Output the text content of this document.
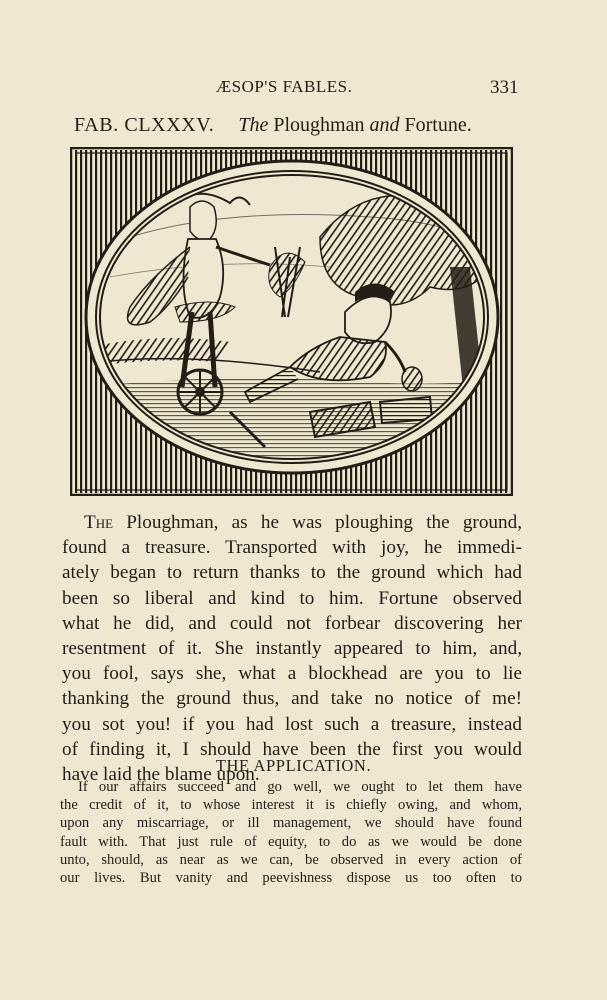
ÆSOP'S FABLES.	331
FAB. CLXXXV. The Ploughman and Fortune.
The Ploughman, as he was ploughing the ground,
found a treasure. Transported with joy, he immedi-
ately began to return thanks to the ground which had
been so liberal and kind to him. Fortune observed
what he did, and could not forbear discovering her
resentment of it. She instantly appeared to him, and,
you fool, says she, what a blockhead are you to lie
thanking the ground thus, and take no notice of me!
you sot you! if you had lost such a treasure, instead
of finding it, I should have been the first you would
have laid the blame upon.
THE APPLICATION.
If our affairs succeed and go well, we ought to let them have
the credit of it, to whose interest it is chiefly owing, and whom,
upon any miscarriage, or ill management, we should have found
fault with. That just rule of equity, to do as we would be done
unto, should, as near as we can, be observed in every action of
our lives. But vanity and peevishness dispose us too often to
